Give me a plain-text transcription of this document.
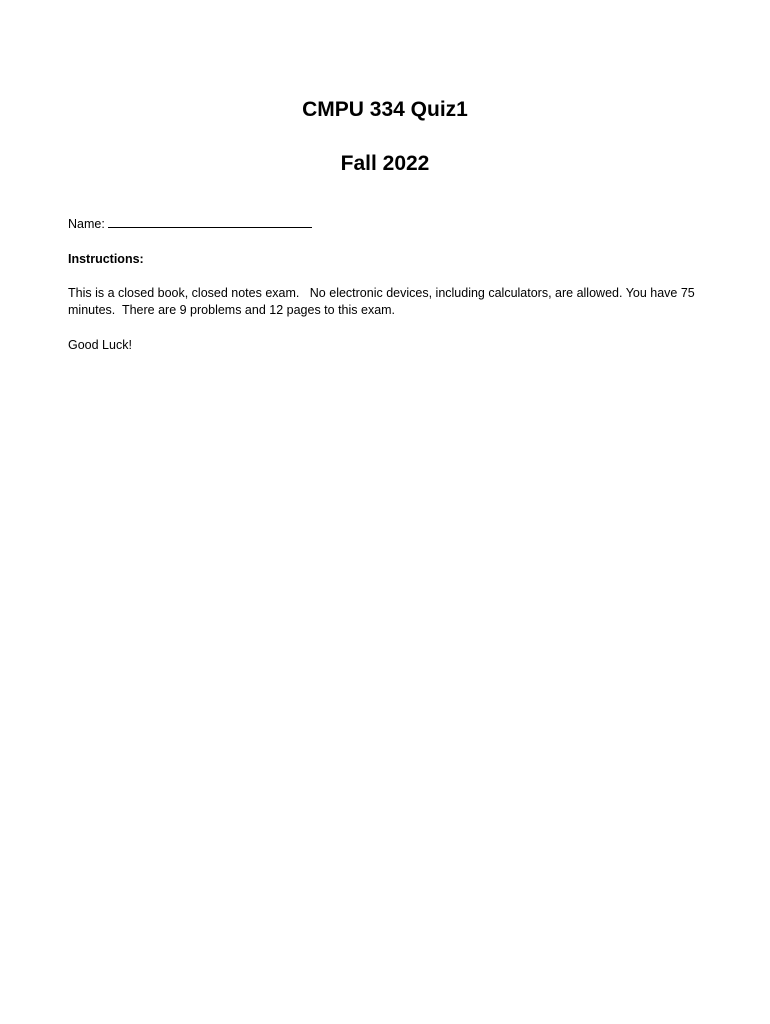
CMPU 334 Quiz1
Fall 2022

Name:

Instructions:

This is a closed book, closed notes exam.   No electronic devices, including calculators, are allowed. You have 75
minutes.  There are 9 problems and 12 pages to this exam.

Good Luck!
